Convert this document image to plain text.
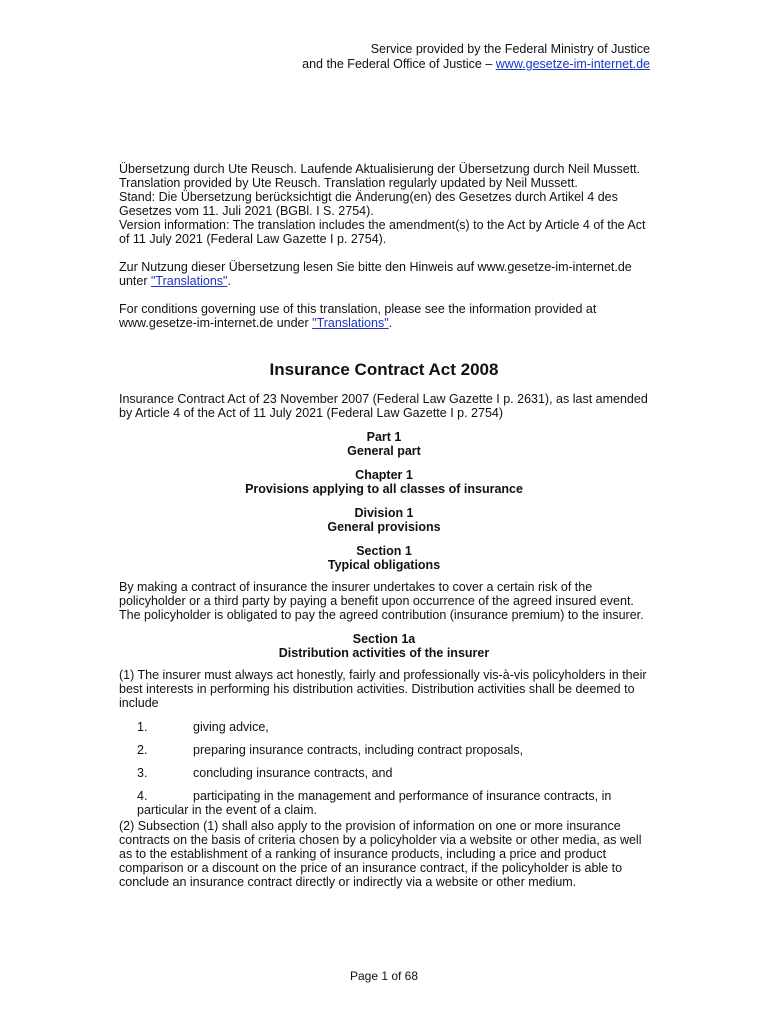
Service provided by the Federal Ministry of Justice
and the Federal Office of Justice – www.gesetze-im-internet.de

Übersetzung durch Ute Reusch. Laufende Aktualisierung der Übersetzung durch Neil Mussett.

Translation provided by Ute Reusch. Translation regularly updated by Neil Mussett.

Stand: Die Übersetzung berücksichtigt die Änderung(en) des Gesetzes durch Artikel 4 des Gesetzes vom 11. Juli 2021 (BGBl. I S. 2754).

Version information: The translation includes the amendment(s) to the Act by Article 4 of the Act of 11 July 2021 (Federal Law Gazette I p. 2754).

Zur Nutzung dieser Übersetzung lesen Sie bitte den Hinweis auf www.gesetze-im-internet.de unter "Translations".

For conditions governing use of this translation, please see the information provided at www.gesetze-im-internet.de under "Translations".

Insurance Contract Act 2008

Insurance Contract Act of 23 November 2007 (Federal Law Gazette I p. 2631), as last amended by Article 4 of the Act of 11 July 2021 (Federal Law Gazette I p. 2754)

Part 1
General part
Chapter 1
Provisions applying to all classes of insurance
Division 1
General provisions
Section 1
Typical obligations

By making a contract of insurance the insurer undertakes to cover a certain risk of the policyholder or a third party by paying a benefit upon occurrence of the agreed insured event. The policyholder is obligated to pay the agreed contribution (insurance premium) to the insurer.

Section 1a
Distribution activities of the insurer

(1) The insurer must always act honestly, fairly and professionally vis-à-vis policyholders in their best interests in performing his distribution activities. Distribution activities shall be deemed to include

1.	giving advice,
2.	preparing insurance contracts, including contract proposals,
3.	concluding insurance contracts, and
4.	participating in the management and performance of insurance contracts, in particular in the event of a claim.

(2) Subsection (1) shall also apply to the provision of information on one or more insurance contracts on the basis of criteria chosen by a policyholder via a website or other media, as well as to the establishment of a ranking of insurance products, including a price and product comparison or a discount on the price of an insurance contract, if the policyholder is able to conclude an insurance contract directly or indirectly via a website or other medium.

Page 1 of 68
